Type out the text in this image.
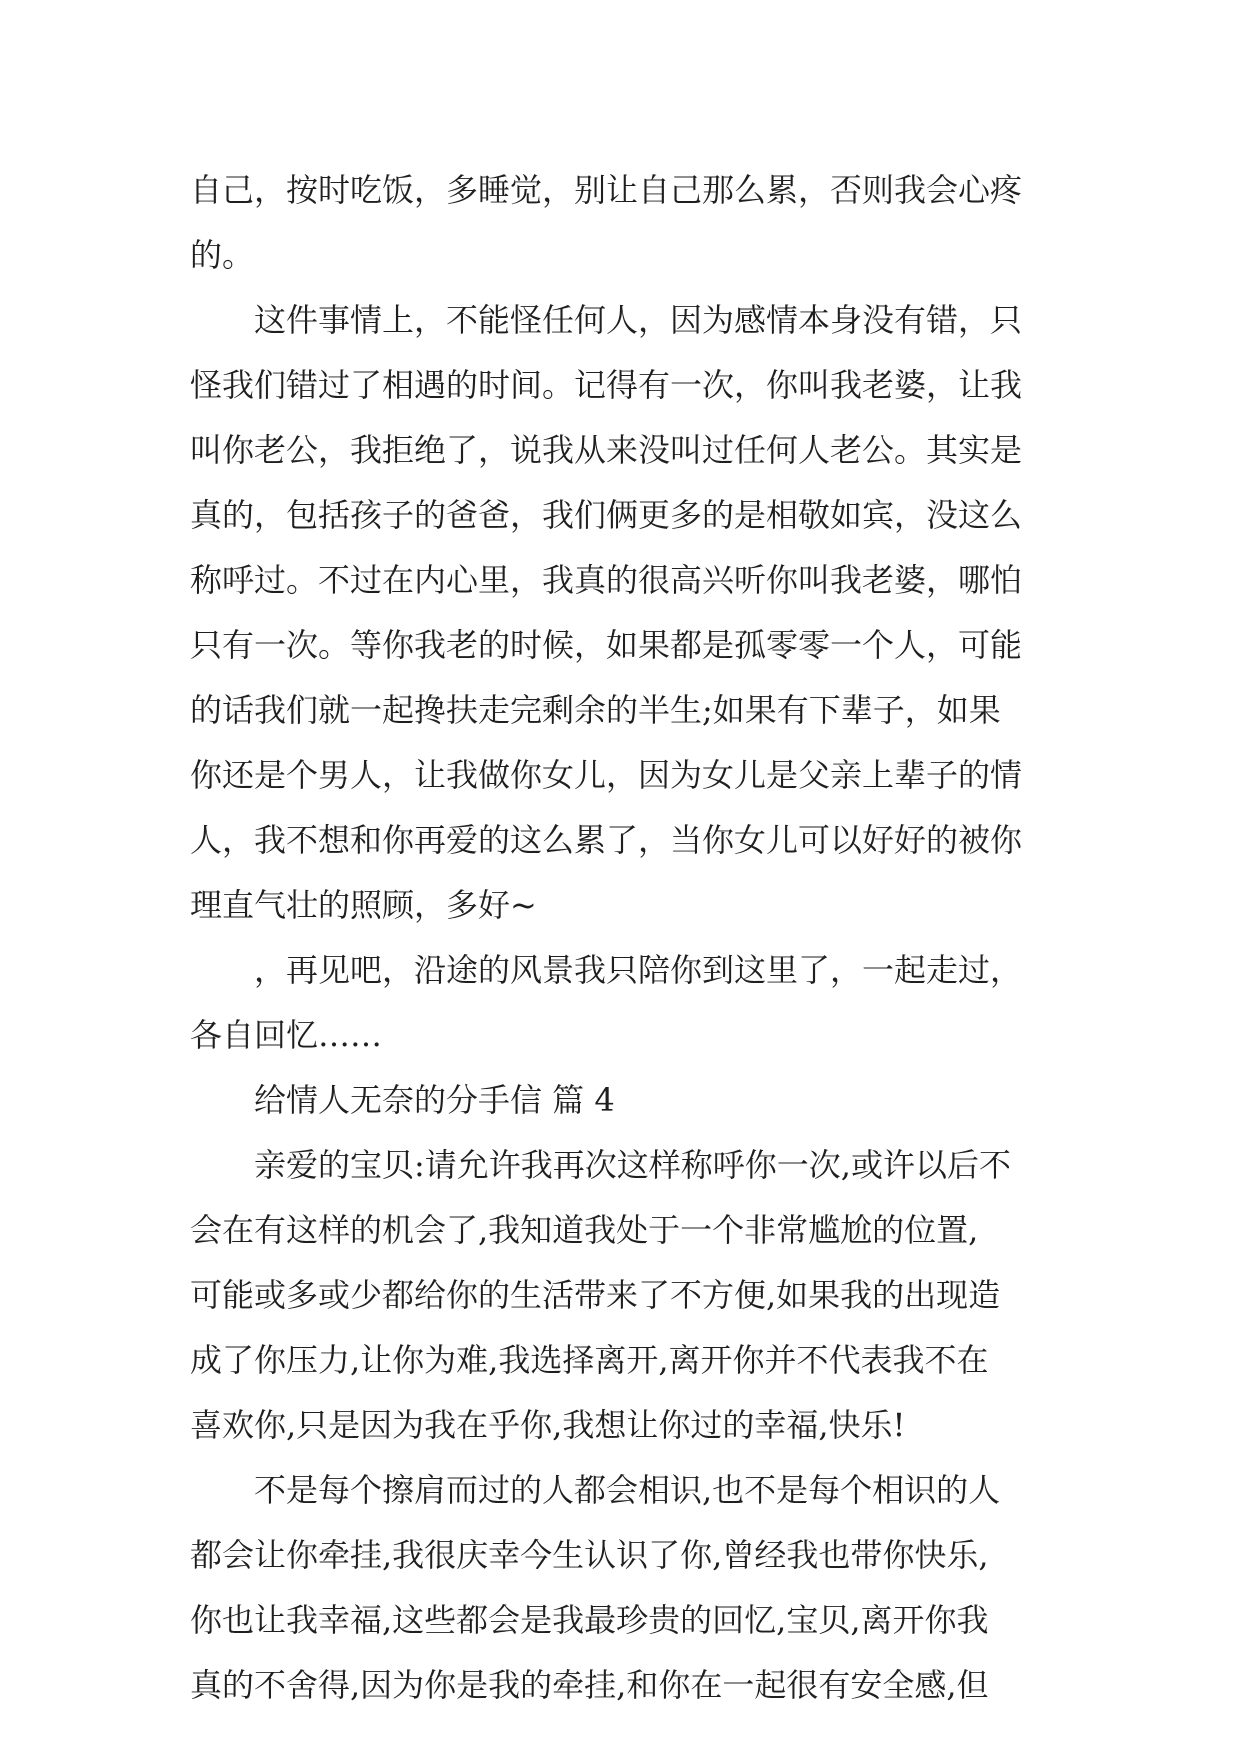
自己，按时吃饭，多睡觉，别让自己那么累，否则我会心疼
的。
这件事情上，不能怪任何人，因为感情本身没有错，只
怪我们错过了相遇的时间。记得有一次，你叫我老婆，让我
叫你老公，我拒绝了，说我从来没叫过任何人老公。其实是
真的，包括孩子的爸爸，我们俩更多的是相敬如宾，没这么
称呼过。不过在内心里，我真的很高兴听你叫我老婆，哪怕
只有一次。等你我老的时候，如果都是孤零零一个人，可能
的话我们就一起搀扶走完剩余的半生;如果有下辈子，如果
你还是个男人，让我做你女儿，因为女儿是父亲上辈子的情
人，我不想和你再爱的这么累了，当你女儿可以好好的被你
理直气壮的照顾，多好~
，再见吧，沿途的风景我只陪你到这里了，一起走过，
各自回忆……
给情人无奈的分手信 篇 4
亲爱的宝贝:请允许我再次这样称呼你一次,或许以后不
会在有这样的机会了,我知道我处于一个非常尴尬的位置,
可能或多或少都给你的生活带来了不方便,如果我的出现造
成了你压力,让你为难,我选择离开,离开你并不代表我不在
喜欢你,只是因为我在乎你,我想让你过的幸福,快乐!
不是每个擦肩而过的人都会相识,也不是每个相识的人
都会让你牵挂,我很庆幸今生认识了你,曾经我也带你快乐,
你也让我幸福,这些都会是我最珍贵的回忆,宝贝,离开你我
真的不舍得,因为你是我的牵挂,和你在一起很有安全感,但
